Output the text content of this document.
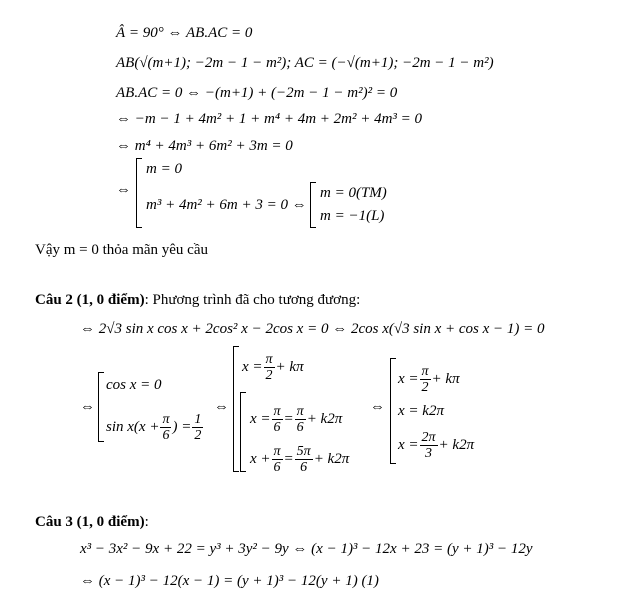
Â = 90° ⇔ AB.AC = 0
AB(√(m+1); −2m − 1 − m²); AC = (−√(m+1); −2m − 1 − m²)
AB.AC = 0 ⇔ −(m+1) + (−2m − 1 − m²)² = 0
⇔ −m − 1 + 4m² + 1 + m⁴ + 4m + 2m² + 4m³ = 0
⇔ m⁴ + 4m³ + 6m² + 3m = 0
⇔
m = 0
m³ + 4m² + 6m + 3 = 0 ⇔
m = 0(TM)
m = −1(L)
Vậy m = 0 thỏa mãn yêu cầu
Câu 2 (1, 0 điểm): Phương trình đã cho tương đương:
⇔ 2√3 sin x cos x + 2cos² x − 2cos x = 0 ⇔ 2cos x(√3 sin x + cos x − 1) = 0
⇔
cos x = 0
$\sin x(x + \frac{\pi}{6}$ ) = $\frac{1}{2}$
⇔
$x = \frac{\pi}{2} + k\pi$
$x = \frac{\pi}{6} = \frac{\pi}{6} + k2\pi$
$x + \frac{\pi}{6} = \frac{5\pi}{6} + k2\pi$
⇔
$x = \frac{\pi}{2} + k\pi$
x = k2π
$x = \frac{2\pi}{3} + k2\pi$
Câu 3 (1, 0 điểm):
x³ − 3x² − 9x + 22 = y³ + 3y² − 9y ⇔ (x − 1)³ − 12x + 23 = (y + 1)³ − 12y
⇔ (x − 1)³ − 12(x − 1) = (y + 1)³ − 12(y + 1) (1)
